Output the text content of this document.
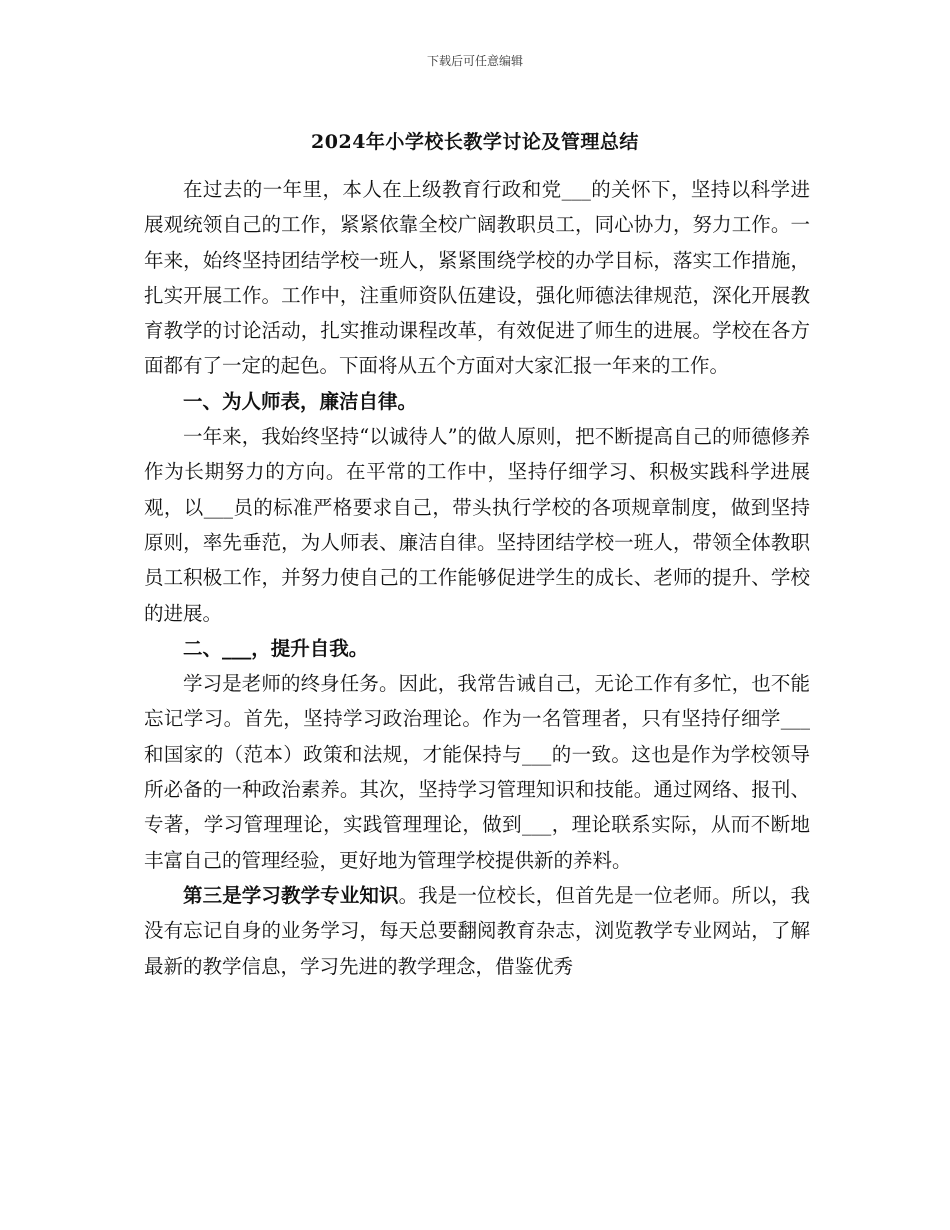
下载后可任意编辑
2024年小学校长教学讨论及管理总结

在过去的一年里，本人在上级教育行政和党___的关怀下，坚持以科学进展观统领自己的工作，紧紧依靠全校广阔教职员工，同心协力，努力工作。一年来，始终坚持团结学校一班人，紧紧围绕学校的办学目标，落实工作措施，扎实开展工作。工作中，注重师资队伍建设，强化师德法律规范，深化开展教育教学的讨论活动，扎实推动课程改革，有效促进了师生的进展。学校在各方面都有了一定的起色。下面将从五个方面对大家汇报一年来的工作。

一、为人师表，廉洁自律。

一年来，我始终坚持“以诚待人”的做人原则，把不断提高自己的师德修养作为长期努力的方向。在平常的工作中，坚持仔细学习、积极实践科学进展观，以___员的标准严格要求自己，带头执行学校的各项规章制度，做到坚持原则，率先垂范，为人师表、廉洁自律。坚持团结学校一班人，带领全体教职员工积极工作，并努力使自己的工作能够促进学生的成长、老师的提升、学校的进展。

二、___，提升自我。

学习是老师的终身任务。因此，我常告诫自己，无论工作有多忙，也不能忘记学习。首先，坚持学习政治理论。作为一名管理者，只有坚持仔细学___和国家的（范本）政策和法规，才能保持与___的一致。这也是作为学校领导所必备的一种政治素养。其次，坚持学习管理知识和技能。通过网络、报刊、专著，学习管理理论，实践管理理论，做到___，理论联系实际，从而不断地丰富自己的管理经验，更好地为管理学校提供新的养料。

第三是学习教学专业知识。我是一位校长，但首先是一位老师。所以，我没有忘记自身的业务学习，每天总要翻阅教育杂志，浏览教学专业网站，了解最新的教学信息，学习先进的教学理念，借鉴优秀
